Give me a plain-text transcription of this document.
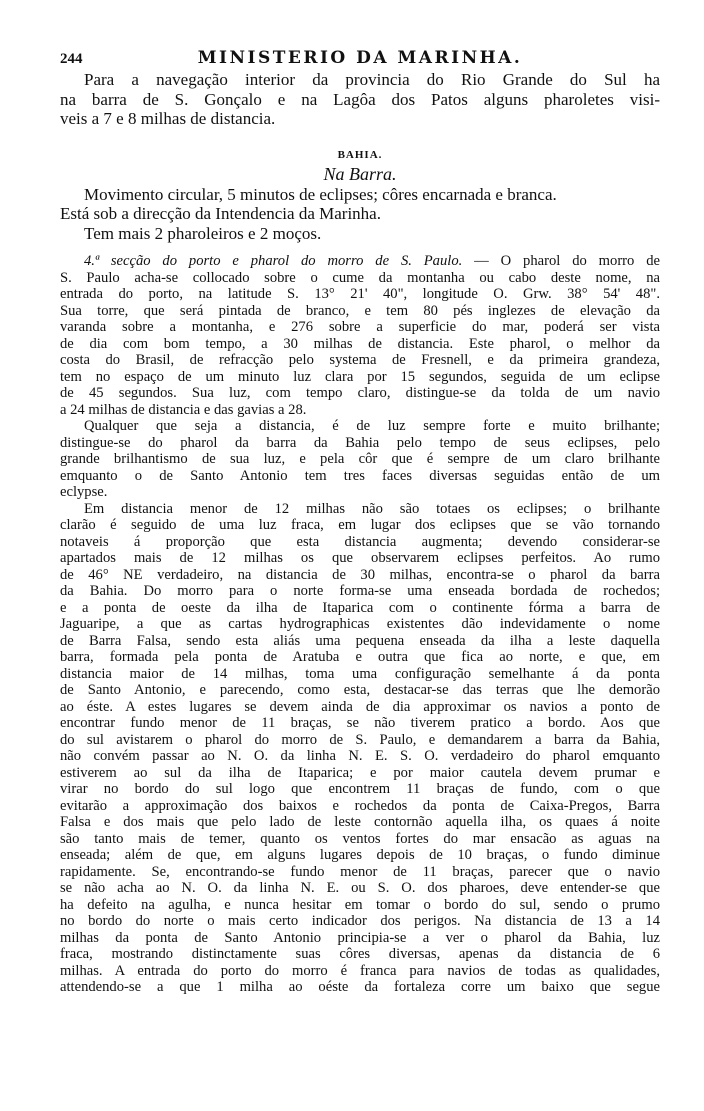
244	MINISTERIO DA MARINHA.
Para a navegação interior da provincia do Rio Grande do Sul ha
na barra de S. Gonçalo e na Lagôa dos Patos alguns pharoletes visi-
veis a 7 e 8 milhas de distancia.
BAHIA.
Na Barra.
Movimento circular, 5 minutos de eclipses; côres encarnada e branca.
Está sob a direcção da Intendencia da Marinha.
Tem mais 2 pharoleiros e 2 moços.
4.ª secção do porto e pharol do morro de S. Paulo. — O pharol do morro de
S. Paulo acha-se collocado sobre o cume da montanha ou cabo deste nome, na
entrada do porto, na latitude S. 13° 21' 40", longitude O. Grw. 38° 54' 48".
Sua torre, que será pintada de branco, e tem 80 pés inglezes de elevação da
varanda sobre a montanha, e 276 sobre a superficie do mar, poderá ser vista
de dia com bom tempo, a 30 milhas de distancia. Este pharol, o melhor da
costa do Brasil, de refracção pelo systema de Fresnell, e da primeira grandeza,
tem no espaço de um minuto luz clara por 15 segundos, seguida de um eclipse
de 45 segundos. Sua luz, com tempo claro, distingue-se da tolda de um navio
a 24 milhas de distancia e das gavias a 28.
Qualquer que seja a distancia, é de luz sempre forte e muito brilhante;
distingue-se do pharol da barra da Bahia pelo tempo de seus eclipses, pelo
grande brilhantismo de sua luz, e pela côr que é sempre de um claro brilhante
emquanto o de Santo Antonio tem tres faces diversas seguidas então de um
eclypse.
Em distancia menor de 12 milhas não são totaes os eclipses; o brilhante
clarão é seguido de uma luz fraca, em lugar dos eclipses que se vão tornando
notaveis á proporção que esta distancia augmenta; devendo considerar-se
apartados mais de 12 milhas os que observarem eclipses perfeitos. Ao rumo
de 46° NE verdadeiro, na distancia de 30 milhas, encontra-se o pharol da barra
da Bahia. Do morro para o norte forma-se uma enseada bordada de rochedos;
e a ponta de oeste da ilha de Itaparica com o continente fórma a barra de
Jaguaripe, a que as cartas hydrographicas existentes dão indevidamente o nome
de Barra Falsa, sendo esta aliás uma pequena enseada da ilha a leste daquella
barra, formada pela ponta de Aratuba e outra que fica ao norte, e que, em
distancia maior de 14 milhas, toma uma configuração semelhante á da ponta
de Santo Antonio, e parecendo, como esta, destacar-se das terras que lhe demorão
ao éste. A estes lugares se devem ainda de dia approximar os navios a ponto de
encontrar fundo menor de 11 braças, se não tiverem pratico a bordo. Aos que
do sul avistarem o pharol do morro de S. Paulo, e demandarem a barra da Bahia,
não convém passar ao N. O. da linha N. E. S. O. verdadeiro do pharol emquanto
estiverem ao sul da ilha de Itaparica; e por maior cautela devem prumar e
virar no bordo do sul logo que encontrem 11 braças de fundo, com o que
evitarão a approximação dos baixos e rochedos da ponta de Caixa-Pregos, Barra
Falsa e dos mais que pelo lado de leste contornão aquella ilha, os quaes á noite
são tanto mais de temer, quanto os ventos fortes do mar ensacão as aguas na
enseada; além de que, em alguns lugares depois de 10 braças, o fundo diminue
rapidamente. Se, encontrando-se fundo menor de 11 braças, parecer que o navio
se não acha ao N. O. da linha N. E. ou S. O. dos pharoes, deve entender-se que
ha defeito na agulha, e nunca hesitar em tomar o bordo do sul, sendo o prumo
no bordo do norte o mais certo indicador dos perigos. Na distancia de 13 a 14
milhas da ponta de Santo Antonio principia-se a ver o pharol da Bahia, luz
fraca, mostrando distinctamente suas côres diversas, apenas da distancia de 6
milhas. A entrada do porto do morro é franca para navios de todas as qualidades,
attendendo-se a que 1 milha ao oéste da fortaleza corre um baixo que segue
